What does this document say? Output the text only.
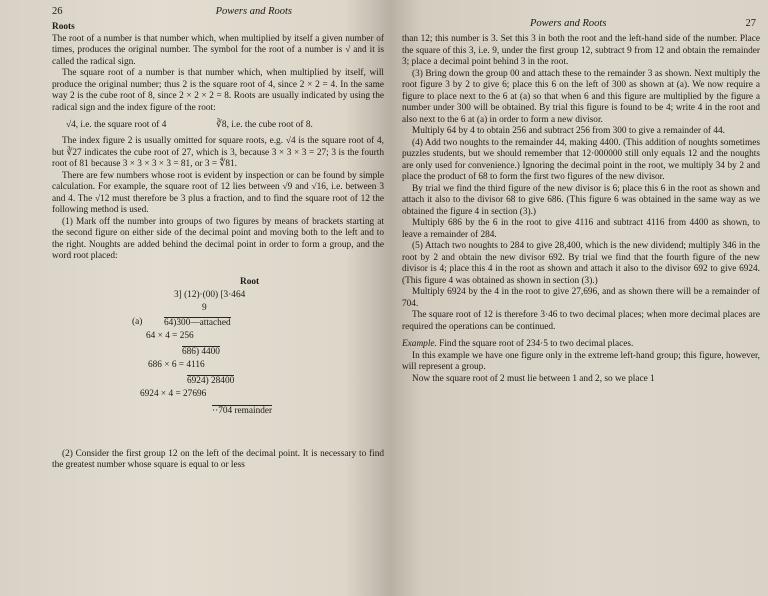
26	Powers and Roots
Roots

The root of a number is that number which, when multiplied by itself a given number of times, produces the original number. The symbol for the root of a number is √ and it is called the radical sign.

The square root of a number is that number which, when multiplied by itself, will produce the original number; thus 2 is the square root of 4, since 2 × 2 = 4. In the same way 2 is the cube root of 8, since 2 × 2 × 2 = 8. Roots are usually indicated by using the radical sign and the index figure of the root:

√4, i.e. the square root of 4	∛8, i.e. the cube root of 8.

The index figure 2 is usually omitted for square roots, e.g. √4 is the square root of 4, but ∛27 indicates the cube root of 27, which is 3, because 3 × 3 × 3 = 27; 3 is the fourth root of 81 because 3 × 3 × 3 × 3 = 81, or 3 = ∜81.

There are few numbers whose root is evident by inspection or can be found by simple calculation. For example, the square root of 12 lies between √9 and √16, i.e. between 3 and 4. The √12 must therefore be 3 plus a fraction, and to find the square root of 12 the following method is used.

(1) Mark off the number into groups of two figures by means of brackets starting at the second figure on either side of the decimal point and moving both to the left and to the right. Noughts are added behind the decimal point in order to form a group, and the word root placed:

Root
3] (12)·(00) [3·464
9
(a) 64)300—attached
64 × 4 = 256
686) 4400
686 × 6 = 4116
6924) 28400
6924 × 4 = 27696
··704 remainder

(2) Consider the first group 12 on the left of the decimal point. It is necessary to find the greatest number whose square is equal to or less

Powers and Roots	27

than 12; this number is 3. Set this 3 in both the root and the left-hand side of the number. Place the square of this 3, i.e. 9, under the first group 12, subtract 9 from 12 and obtain the remainder 3; place a decimal point behind 3 in the root.

(3) Bring down the group 00 and attach these to the remainder 3 as shown. Next multiply the root figure 3 by 2 to give 6; place this 6 on the left of 300 as shown at (a). We now require a figure to place next to the 6 at (a) so that when 6 and this figure are multiplied by the figure a number under 300 will be obtained. By trial this figure is found to be 4; write 4 in the root and also next to the 6 at (a) in order to form a new divisor.

Multiply 64 by 4 to obtain 256 and subtract 256 from 300 to give a remainder of 44.

(4) Add two noughts to the remainder 44, making 4400. (This addition of noughts sometimes puzzles students, but we should remember that 12·000000 still only equals 12 and the noughts are only used for convenience.) Ignoring the decimal point in the root, we multiply 34 by 2 and place the product of 68 to form the first two figures of the new divisor.

By trial we find the third figure of the new divisor is 6; place this 6 in the root as shown and attach it also to the divisor 68 to give 686. (This figure 6 was obtained in the same way as we obtained the figure 4 in section (3).)

Multiply 686 by the 6 in the root to give 4116 and subtract 4116 from 4400 as shown, to leave a remainder of 284.

(5) Attach two noughts to 284 to give 28,400, which is the new dividend; multiply 346 in the root by 2 and obtain the new divisor 692. By trial we find that the fourth figure of the new divisor is 4; place this 4 in the root as shown and attach it also to the divisor 692 to give 6924. (This figure 4 was obtained as shown in section (3).)

Multiply 6924 by the 4 in the root to give 27,696, and as shown there will be a remainder of 704.

The square root of 12 is therefore 3·46 to two decimal places; when more decimal places are required the operations can be continued.

Example. Find the square root of 234·5 to two decimal places.

In this example we have one figure only in the extreme left-hand group; this figure, however, will represent a group.

Now the square root of 2 must lie between 1 and 2, so we place 1
